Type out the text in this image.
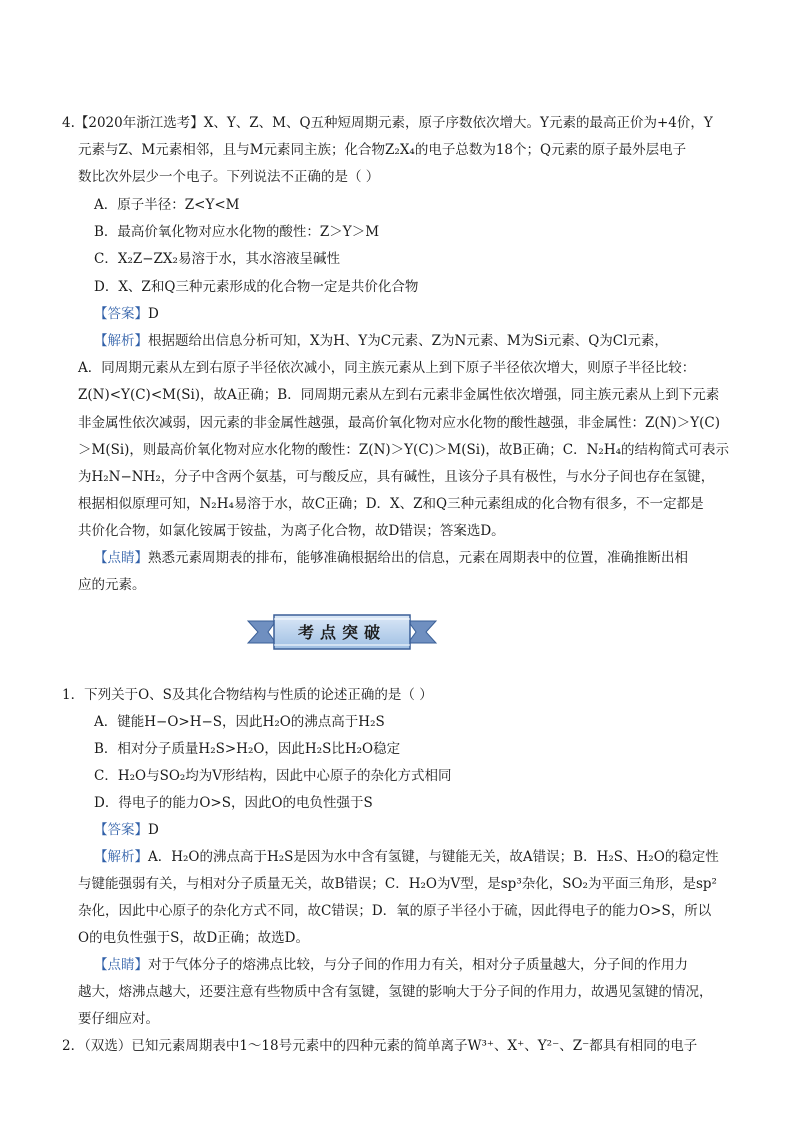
4.【2020年浙江选考】X、Y、Z、M、Q五种短周期元素，原子序数依次增大。Y元素的最高正价为+4价，Y
元素与Z、M元素相邻，且与M元素同主族；化合物Z₂X₄的电子总数为18个；Q元素的原子最外层电子
数比次外层少一个电子。下列说法不正确的是（ ）
A．原子半径：Z<Y<M
B．最高价氧化物对应水化物的酸性：Z＞Y＞M
C．X₂Z−ZX₂易溶于水，其水溶液呈碱性
D．X、Z和Q三种元素形成的化合物一定是共价化合物
【答案】D
【解析】根据题给出信息分析可知，X为H、Y为C元素、Z为N元素、M为Si元素、Q为Cl元素，
A．同周期元素从左到右原子半径依次减小，同主族元素从上到下原子半径依次增大，则原子半径比较：
Z(N)<Y(C)<M(Si)，故A正确；B．同周期元素从左到右元素非金属性依次增强，同主族元素从上到下元素
非金属性依次减弱，因元素的非金属性越强，最高价氧化物对应水化物的酸性越强，非金属性：Z(N)＞Y(C)
＞M(Si)，则最高价氧化物对应水化物的酸性：Z(N)＞Y(C)＞M(Si)，故B正确；C．N₂H₄的结构简式可表示
为H₂N−NH₂，分子中含两个氨基，可与酸反应，具有碱性，且该分子具有极性，与水分子间也存在氢键，
根据相似原理可知，N₂H₄易溶于水，故C正确；D．X、Z和Q三种元素组成的化合物有很多，不一定都是
共价化合物，如氯化铵属于铵盐，为离子化合物，故D错误；答案选D。
【点睛】熟悉元素周期表的排布，能够准确根据给出的信息，元素在周期表中的位置，准确推断出相
应的元素。
考点突破
1．下列关于O、S及其化合物结构与性质的论述正确的是（ ）
A．键能H−O>H−S，因此H₂O的沸点高于H₂S
B．相对分子质量H₂S>H₂O，因此H₂S比H₂O稳定
C．H₂O与SO₂均为V形结构，因此中心原子的杂化方式相同
D．得电子的能力O>S，因此O的电负性强于S
【答案】D
【解析】A．H₂O的沸点高于H₂S是因为水中含有氢键，与键能无关，故A错误；B．H₂S、H₂O的稳定性
与键能强弱有关，与相对分子质量无关，故B错误；C．H₂O为V型，是sp³杂化，SO₂为平面三角形，是sp²
杂化，因此中心原子的杂化方式不同，故C错误；D．氧的原子半径小于硫，因此得电子的能力O>S，所以
O的电负性强于S，故D正确；故选D。
【点睛】对于气体分子的熔沸点比较，与分子间的作用力有关，相对分子质量越大，分子间的作用力
越大，熔沸点越大，还要注意有些物质中含有氢键，氢键的影响大于分子间的作用力，故遇见氢键的情况，
要仔细应对。
2．（双选）已知元素周期表中1～18号元素中的四种元素的简单离子W³⁺、X⁺、Y²⁻、Z⁻都具有相同的电子
